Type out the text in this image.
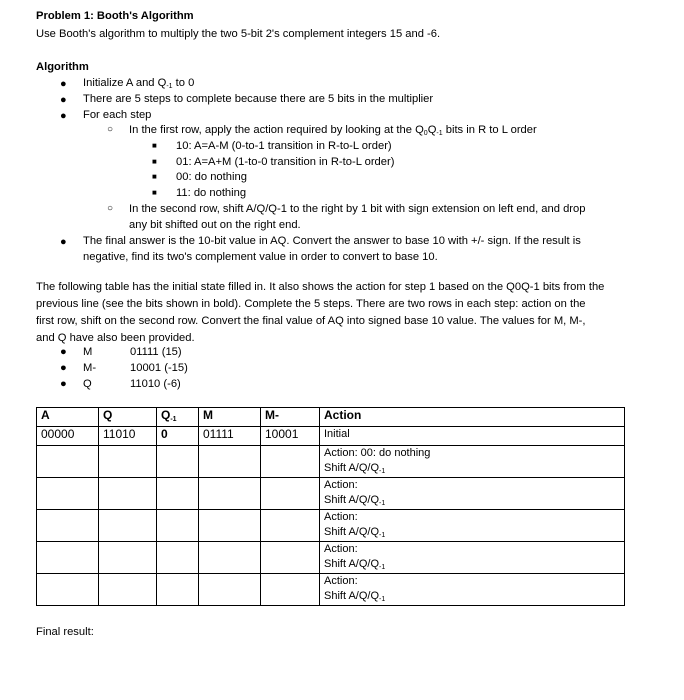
Problem 1: Booth's Algorithm
Use Booth's algorithm to multiply the two 5-bit 2's complement integers 15 and -6.
Algorithm
● Initialize A and Q-1 to 0
● There are 5 steps to complete because there are 5 bits in the multiplier
● For each step
○ In the first row, apply the action required by looking at the Q0Q-1 bits in R to L order
■ 10: A=A-M (0-to-1 transition in R-to-L order)
■ 01: A=A+M (1-to-0 transition in R-to-L order)
■ 00: do nothing
■ 11: do nothing
○ In the second row, shift A/Q/Q-1 to the right by 1 bit with sign extension on left end, and drop
any bit shifted out on the right end.
● The final answer is the 10-bit value in AQ. Convert the answer to base 10 with +/- sign. If the result is
negative, find its two's complement value in order to convert to base 10.
The following table has the initial state filled in. It also shows the action for step 1 based on the Q0Q-1 bits from the
previous line (see the bits shown in bold). Complete the 5 steps. There are two rows in each step: action on the
first row, shift on the second row. Convert the final value of AQ into signed base 10 value. The values for M, M-,
and Q have also been provided.
● M	01111 (15)
● M-	10001 (-15)
● Q	11010 (-6)
A	Q	Q-1	M	M-	Action
00000	11010	0	01111	10001	Initial

					Action: 00: do nothing
Shift A/Q/Q-1

					Action:
Shift A/Q/Q-1

					Action:
Shift A/Q/Q-1

					Action:
Shift A/Q/Q-1

					Action:
Shift A/Q/Q-1
Final result:
